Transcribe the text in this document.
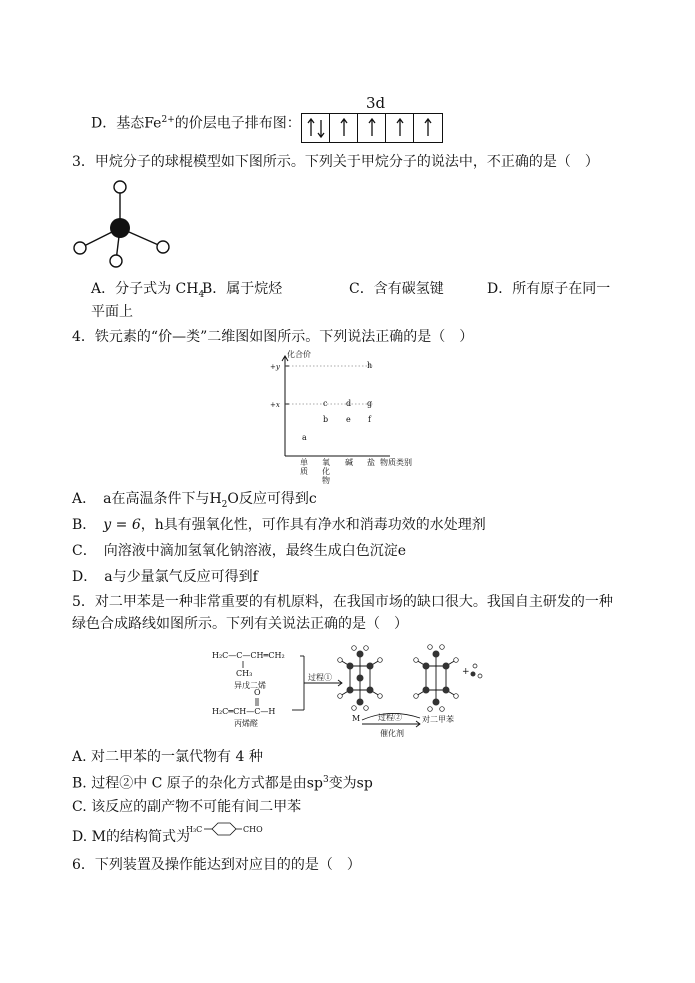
D．基态$Fe^{2+}$的价层电子排布图：
3d
3．甲烷分子的球棍模型如下图所示。下列关于甲烷分子的说法中，不正确的是（　）
A．分子式为 $CH_4$
B．属于烷烃	C．含有碳氢键	D．所有原子在同一
平面上
4．铁元素的“价—类”二维图如图所示。下列说法正确的是（　）
化合价
+y
+x
a
c
b
d
e
h
g
f
单
质
氧
化
物
碱 盐 物质类别
A．　a在高温条件下与$H_2O$反应可得到c
B．　y = 6，h具有强氧化性，可作具有净水和消毒功效的水处理剂
C．　向溶液中滴加氢氧化钠溶液，最终生成白色沉淀e
D．　a与少量氯气反应可得到f
5．对二甲苯是一种非常重要的有机原料，在我国市场的缺口很大。我国自主研发的一种
绿色合成路线如图所示。下列有关说法正确的是（　）
H₂C—C—CH═CH₂
CH₃
异戊二烯
O
H₂C═CH—C—H
丙烯醛
过程①
+
M 过程②	对二甲苯
催化剂
A. 对二甲苯的一氯代物有 4 种
B. 过程②中 C 原子的杂化方式都是由$sp^3$变为sp
C. 该反应的副产物不可能有间二甲苯
D. M的结构简式为
H₃C	CHO
6．下列装置及操作能达到对应目的的是（　）
